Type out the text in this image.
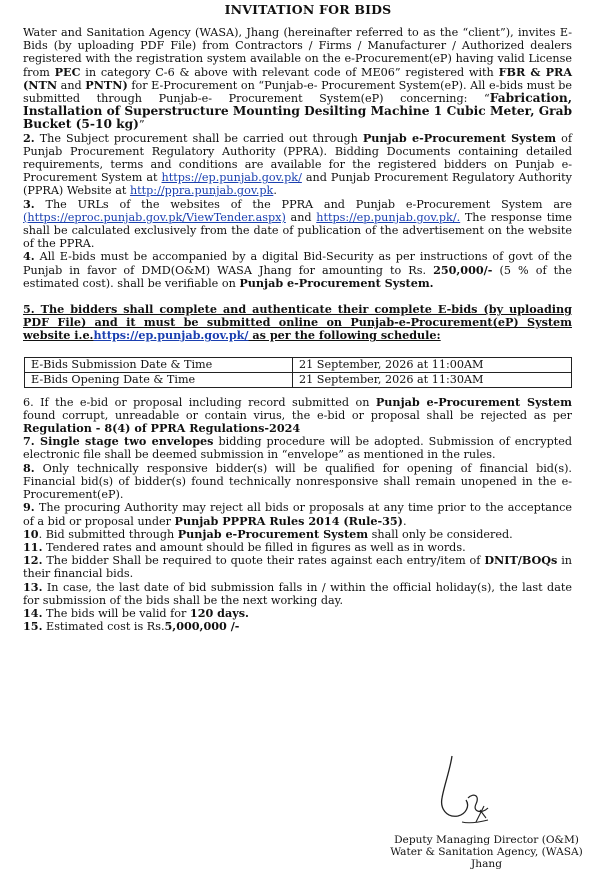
INVITATION FOR BIDS

Water and Sanitation Agency (WASA), Jhang (hereinafter referred to as the “client”), invites E-Bids (by uploading PDF File) from Contractors / Firms / Manufacturer / Authorized dealers registered with the registration system available on the e-Procurement(eP) having valid License from PEC in category C-6 & above with relevant code of ME06” registered with FBR & PRA (NTN and PNTN) for E-Procurement on “Punjab-e- Procurement System(eP). All e-bids must be submitted through Punjab-e- Procurement System(eP) concerning: “Fabrication, Installation of Superstructure Mounting Desilting Machine 1 Cubic Meter, Grab Bucket (5-10 kg)”

2. The Subject procurement shall be carried out through Punjab e-Procurement System of Punjab Procurement Regulatory Authority (PPRA). Bidding Documents containing detailed requirements, terms and conditions are available for the registered bidders on Punjab e-Procurement System at https://ep.punjab.gov.pk/ and Punjab Procurement Regulatory Authority (PPRA) Website at http://ppra.punjab.gov.pk.

3. The URLs of the websites of the PPRA and Punjab e-Procurement System are (https://eproc.punjab.gov.pk/ViewTender.aspx) and https://ep.punjab.gov.pk/. The response time shall be calculated exclusively from the date of publication of the advertisement on the website of the PPRA.

4. All E-bids must be accompanied by a digital Bid-Security as per instructions of govt of the Punjab in favor of DMD(O&M) WASA Jhang for amounting to Rs. 250,000/- (5 % of the estimated cost). shall be verifiable on Punjab e-Procurement System.

5. The bidders shall complete and authenticate their complete E-bids (by uploading PDF File) and it must be submitted online on Punjab-e-Procurement(eP) System website i.e.https://ep.punjab.gov.pk/ as per the following schedule:

E-Bids Submission Date & Time	21 September, 2026 at 11:00AM
E-Bids Opening Date & Time	21 September, 2026 at 11:30AM

6. If the e-bid or proposal including record submitted on Punjab e-Procurement System found corrupt, unreadable or contain virus, the e-bid or proposal shall be rejected as per Regulation - 8(4) of PPRA Regulations-2024

7. Single stage two envelopes bidding procedure will be adopted. Submission of encrypted electronic file shall be deemed submission in “envelope” as mentioned in the rules.

8. Only technically responsive bidder(s) will be qualified for opening of financial bid(s). Financial bid(s) of bidder(s) found technically nonresponsive shall remain unopened in the e-Procurement(eP).

9. The procuring Authority may reject all bids or proposals at any time prior to the acceptance of a bid or proposal under Punjab PPPRA Rules 2014 (Rule-35).

10. Bid submitted through Punjab e-Procurement System shall only be considered.

11. Tendered rates and amount should be filled in figures as well as in words.

12. The bidder Shall be required to quote their rates against each entry/item of DNIT/BOQs in their financial bids.

13. In case, the last date of bid submission falls in / within the official holiday(s), the last date for submission of the bids shall be the next working day.

14. The bids will be valid for 120 days.

15. Estimated cost is Rs.5,000,000 /-

Deputy Managing Director (O&M)
Water & Sanitation Agency, (WASA)
Jhang
